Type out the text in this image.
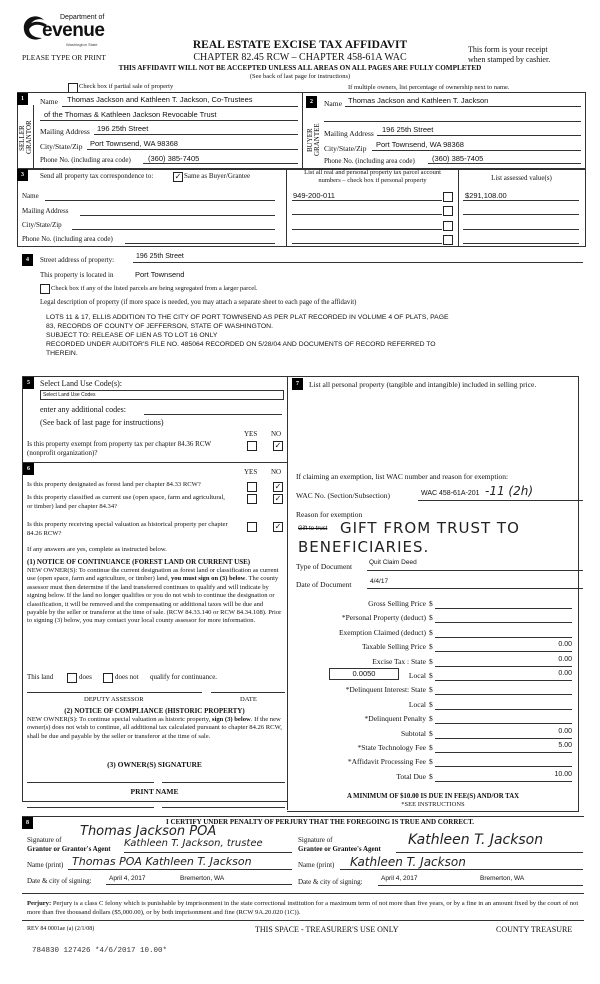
Department of
evenue
Washington State
PLEASE TYPE OR PRINT
REAL ESTATE EXCISE TAX AFFIDAVIT
CHAPTER 82.45 RCW – CHAPTER 458-61A WAC
This form is your receipt
when stamped by cashier.
THIS AFFIDAVIT WILL NOT BE ACCEPTED UNLESS ALL AREAS ON ALL PAGES ARE FULLY COMPLETED
(See back of last page for instructions)
Check box if partial sale of property	If multiple owners, list percentage of ownership next to name.
1
SELLER GRANTOR
Name Thomas Jackson and Kathleen T. Jackson, Co-Trustees
of the Thomas & Kathleen Jackson Revocable Trust
Mailing Address 196 25th Street
City/State/Zip Port Townsend, WA 98368
Phone No. (including area code) (360) 385-7405
2
BUYER GRANTEE
Name Thomas Jackson and Kathleen T. Jackson
Mailing Address 196 25th Street
City/State/Zip Port Townsend, WA 98368
Phone No. (including area code) (360) 385-7405
3	Send all property tax correspondence to:	✓ Same as Buyer/Grantee
Name
Mailing Address
City/State/Zip
Phone No. (including area code)
List all real and personal property tax parcel account
numbers – check box if personal property	List assessed value(s)
949-200-011	$291,108.00
4	Street address of property:	196 25th Street
This property is located in	Port Townsend
Check box if any of the listed parcels are being segregated from a larger parcel.
Legal description of property (if more space is needed, you may attach a separate sheet to each page of the affidavit)
LOTS 11 & 17, ELLIS ADDITION TO THE CITY OF PORT TOWNSEND AS PER PLAT RECORDED IN VOLUME 4 OF PLATS, PAGE
83, RECORDS OF COUNTY OF JEFFERSON, STATE OF WASHINGTON.
SUBJECT TO: RELEASE OF LIEN AS TO LOT 16 ONLY
RECORDED UNDER AUDITOR'S FILE NO. 485064 RECORDED ON 5/28/04 AND DOCUMENTS OF RECORD REFERRED TO
THEREIN.
5	Select Land Use Code(s):
Select Land Use Codes
enter any additional codes:
(See back of last page for instructions)
YES NO
Is this property exempt from property tax per chapter 84.36 RCW (nonprofit organization)?
✓
6	YES NO
Is this property designated as forest land per chapter 84.33 RCW?	✓
Is this property classified as current use (open space, farm and agricultural, or timber) land per chapter 84.34?
✓
Is this property receiving special valuation as historical property per chapter 84.26 RCW?
✓
If any answers are yes, complete as instructed below.
(1) NOTICE OF CONTINUANCE (FOREST LAND OR CURRENT USE)
NEW OWNER(S): To continue the current designation as forest land or classification as current use (open space, farm and agriculture, or timber) land, you must sign on (3) below. The county assessor must then determine if the land transferred continues to qualify and will indicate by signing below. If the land no longer qualifies or you do not wish to continue the designation or classification, it will be removed and the compensating or additional taxes will be due and payable by the seller or transferor at the time of sale. (RCW 84.33.140 or RCW 84.34.108). Prior to signing (3) below, you may contact your local county assessor for more information.
This land	does	does not qualify for continuance.
DEPUTY ASSESSOR	DATE
(2) NOTICE OF COMPLIANCE (HISTORIC PROPERTY)
NEW OWNER(S): To continue special valuation as historic property, sign (3) below. If the new owner(s) does not wish to continue, all additional tax calculated pursuant to chapter 84.26 RCW, shall be due and payable by the seller or transferor at the time of sale.
(3) OWNER(S) SIGNATURE
PRINT NAME
7	List all personal property (tangible and intangible) included in selling price.
If claiming an exemption, list WAC number and reason for exemption:
WAC No. (Section/Subsection)	WAC 458-61A-201 -11 (2h)
Reason for exemption
Gift to trust GIFT FROM TRUST TO BENEFICIARIES.
Type of Document	Quit Claim Deed
Date of Document	4/4/17
Gross Selling Price $
*Personal Property (deduct) $
Exemption Claimed (deduct) $
Taxable Selling Price $	0.00
Excise Tax : State $	0.00
Local $	0.00
*Delinquent Interest: State $
Local $
*Delinquent Penalty $
Subtotal $	0.00
*State Technology Fee $	5.00
*Affidavit Processing Fee $
Total Due $	10.00
0.0050
A MINIMUM OF $10.00 IS DUE IN FEE(S) AND/OR TAX
*SEE INSTRUCTIONS
8	I CERTIFY UNDER PENALTY OF PERJURY THAT THE FOREGOING IS TRUE AND CORRECT.
Signature of
Grantor or Grantor's Agent
Thomas Jackson POA
Kathleen T. Jackson, trustee	Signature of
Grantee or Grantee's Agent
Kathleen T. Jackson
Name (print) Thomas POA Kathleen T. Jackson	Name (print) Kathleen T. Jackson
Date & city of signing:	April 4, 2017	Bremerton, WA	Date & city of signing:	April 4, 2017	Bremerton, WA
Perjury: Perjury is a class C felony which is punishable by imprisonment in the state correctional institution for a maximum term of not more than five years, or by a fine in an amount fixed by the court of not more than five thousand dollars ($5,000.00), or by both imprisonment and fine (RCW 9A.20.020 (1C)).
REV 84 0001ae (a) (2/1/08)	THIS SPACE - TREASURER'S USE ONLY	COUNTY TREASURE
784830 127426 *4/6/2017 10.00*
